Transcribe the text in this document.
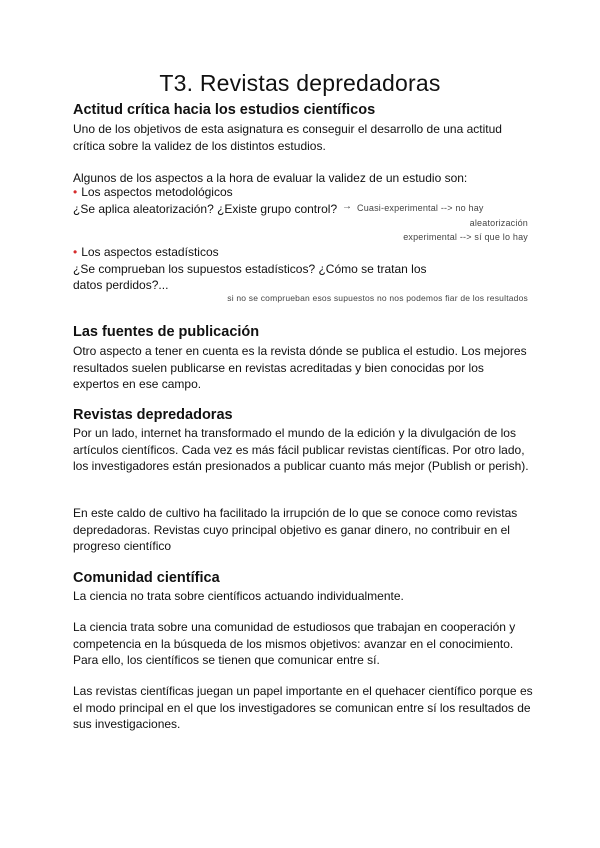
T3. Revistas depredadoras
Actitud crítica hacia los estudios científicos
Uno de los objetivos de esta asignatura es conseguir el desarrollo de una actitud crítica sobre la validez de los distintos estudios.
Algunos de los aspectos a la hora de evaluar la validez de un estudio son:
• Los aspectos metodológicos
¿Se aplica aleatorización? ¿Existe grupo control? → Cuasi-experimental --> no hay
aleatorización
experimental --> sí que lo hay
• Los aspectos estadísticos
¿Se comprueban los supuestos estadísticos? ¿Cómo se tratan los
datos perdidos?...
si no se comprueban esos supuestos no nos podemos fiar de los resultados
Las fuentes de publicación
Otro aspecto a tener en cuenta es la revista dónde se publica el estudio. Los mejores resultados suelen publicarse en revistas acreditadas y bien conocidas por los expertos en ese campo.
Revistas depredadoras
Por un lado, internet ha transformado el mundo de la edición y la divulgación de los artículos científicos. Cada vez es más fácil publicar revistas científicas. Por otro lado, los investigadores están presionados a publicar cuanto más mejor (Publish or perish).
En este caldo de cultivo ha facilitado la irrupción de lo que se conoce como revistas depredadoras. Revistas cuyo principal objetivo es ganar dinero, no contribuir en el progreso científico
Comunidad científica
La ciencia no trata sobre científicos actuando individualmente.
La ciencia trata sobre una comunidad de estudiosos que trabajan en cooperación y competencia en la búsqueda de los mismos objetivos: avanzar en el conocimiento. Para ello, los científicos se tienen que comunicar entre sí.
Las revistas científicas juegan un papel importante en el quehacer científico porque es el modo principal en el que los investigadores se comunican entre sí los resultados de sus investigaciones.
